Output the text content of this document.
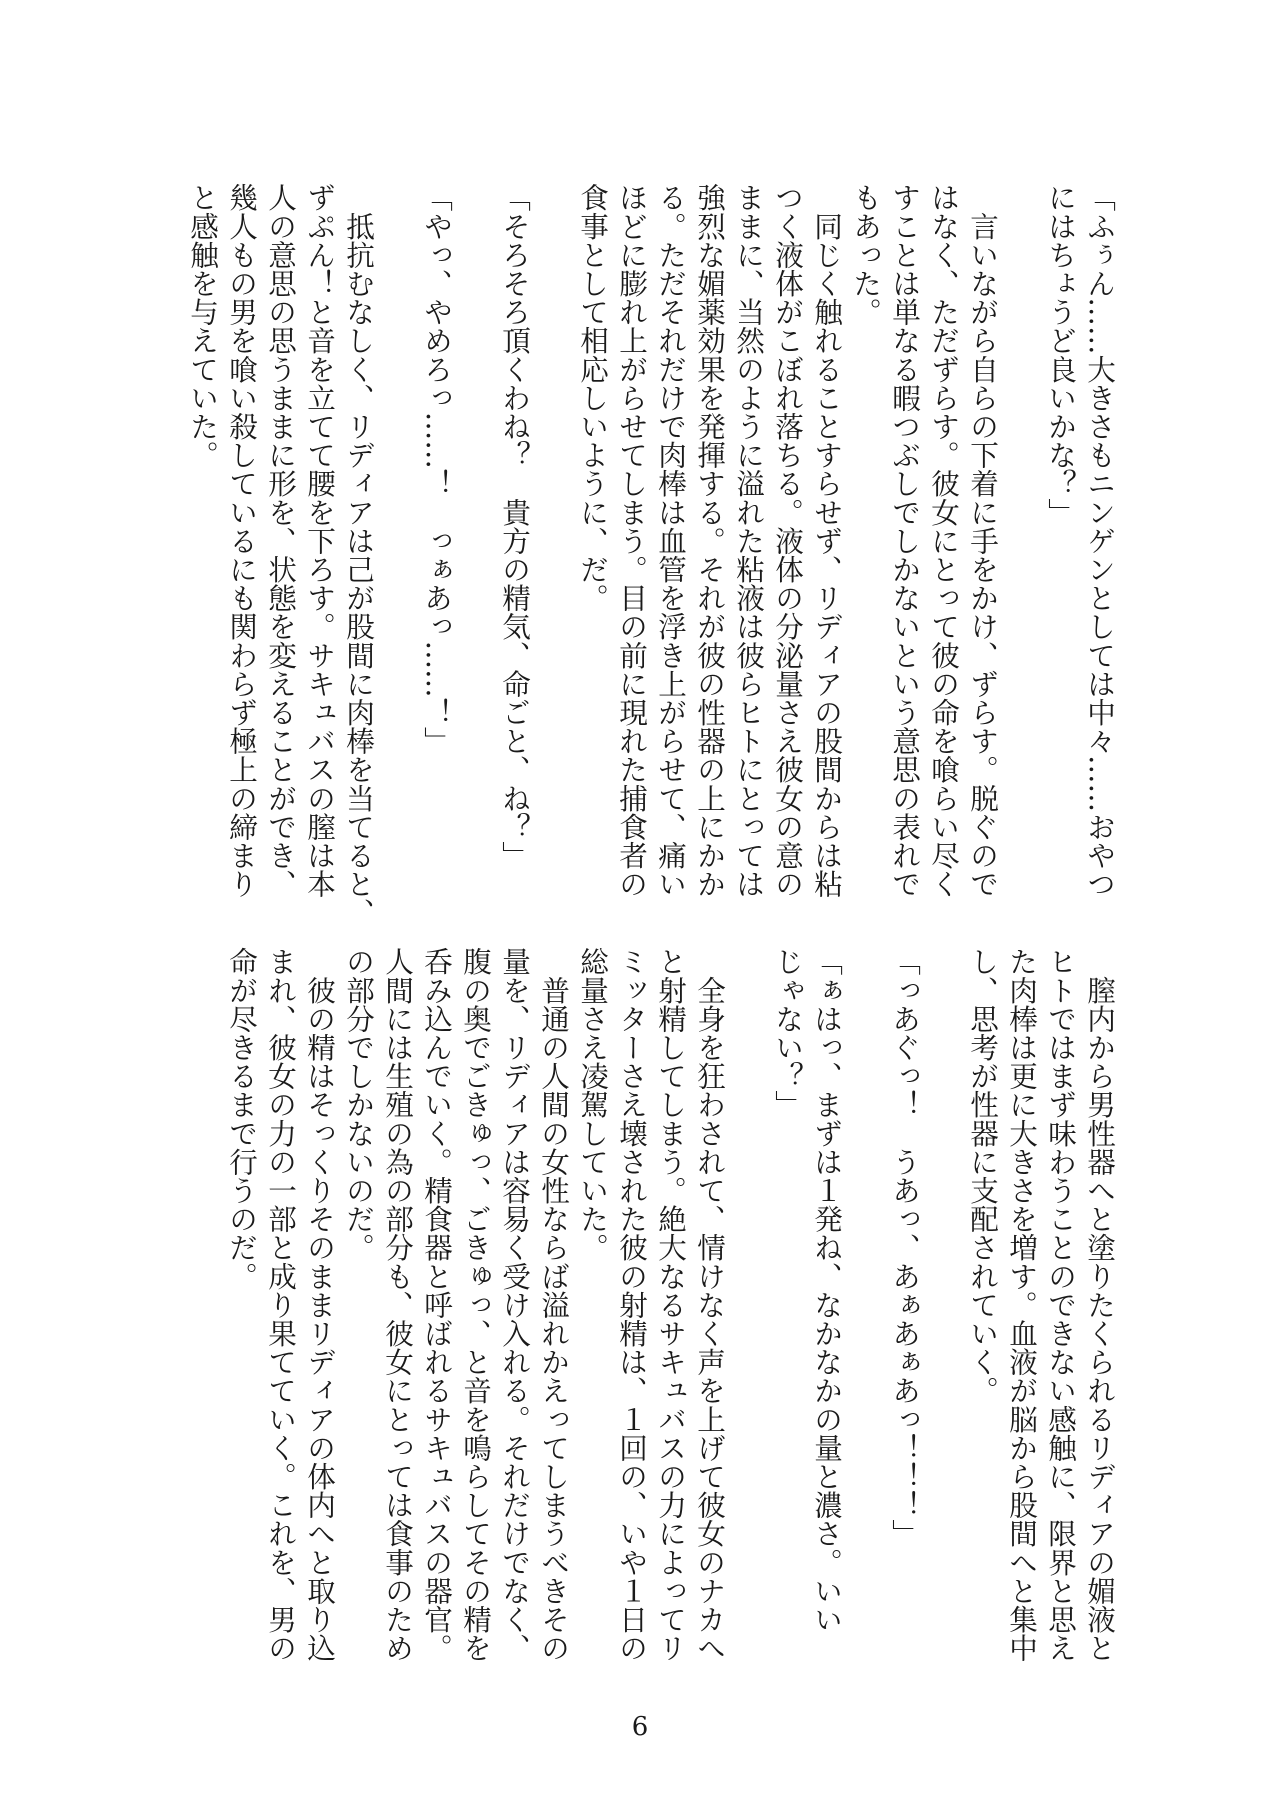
「ふぅん……大きさもニンゲンとしては中々……おやつ

にはちょうど良いかな？」

　言いながら自らの下着に手をかけ、ずらす。脱ぐので

はなく、ただずらす。彼女にとって彼の命を喰らい尽く

すことは単なる暇つぶしでしかないという意思の表れで

もあった。

　同じく触れることすらせず、リディアの股間からは粘

つく液体がこぼれ落ちる。液体の分泌量さえ彼女の意の

ままに、当然のように溢れた粘液は彼らヒトにとっては

強烈な媚薬効果を発揮する。それが彼の性器の上にかか

る。ただそれだけで肉棒は血管を浮き上がらせて、痛い

ほどに膨れ上がらせてしまう。目の前に現れた捕食者の

食事として相応しいように、だ。

「そろそろ頂くわね？　貴方の精気、命ごと、ね？」

「やっ、やめろっ……！　っぁあっ……！」

　抵抗むなしく、リディアは己が股間に肉棒を当てると、

ずぷん！と音を立てて腰を下ろす。サキュバスの膣は本

人の意思の思うままに形を、状態を変えることができ、

幾人もの男を喰い殺しているにも関わらず極上の締まり

と感触を与えていた。

　膣内から男性器へと塗りたくられるリディアの媚液と

ヒトではまず味わうことのできない感触に、限界と思え

た肉棒は更に大きさを増す。血液が脳から股間へと集中

し、思考が性器に支配されていく。

「っあぐっ！　うあっ、あぁあぁあっ！！！」

「ぁはっ、まずは１発ね、なかなかの量と濃さ。いい

じゃない？」

　全身を狂わされて、情けなく声を上げて彼女のナカへ

と射精してしまう。絶大なるサキュバスの力によってリ

ミッターさえ壊された彼の射精は、１回の、いや１日の

総量さえ凌駕していた。

　普通の人間の女性ならば溢れかえってしまうべきその

量を、リディアは容易く受け入れる。それだけでなく、

腹の奥でごきゅっ、ごきゅっ、と音を鳴らしてその精を

呑み込んでいく。精食器と呼ばれるサキュバスの器官。

人間には生殖の為の部分も、彼女にとっては食事のため

の部分でしかないのだ。

　彼の精はそっくりそのままリディアの体内へと取り込

まれ、彼女の力の一部と成り果てていく。これを、男の

命が尽きるまで行うのだ。

6
